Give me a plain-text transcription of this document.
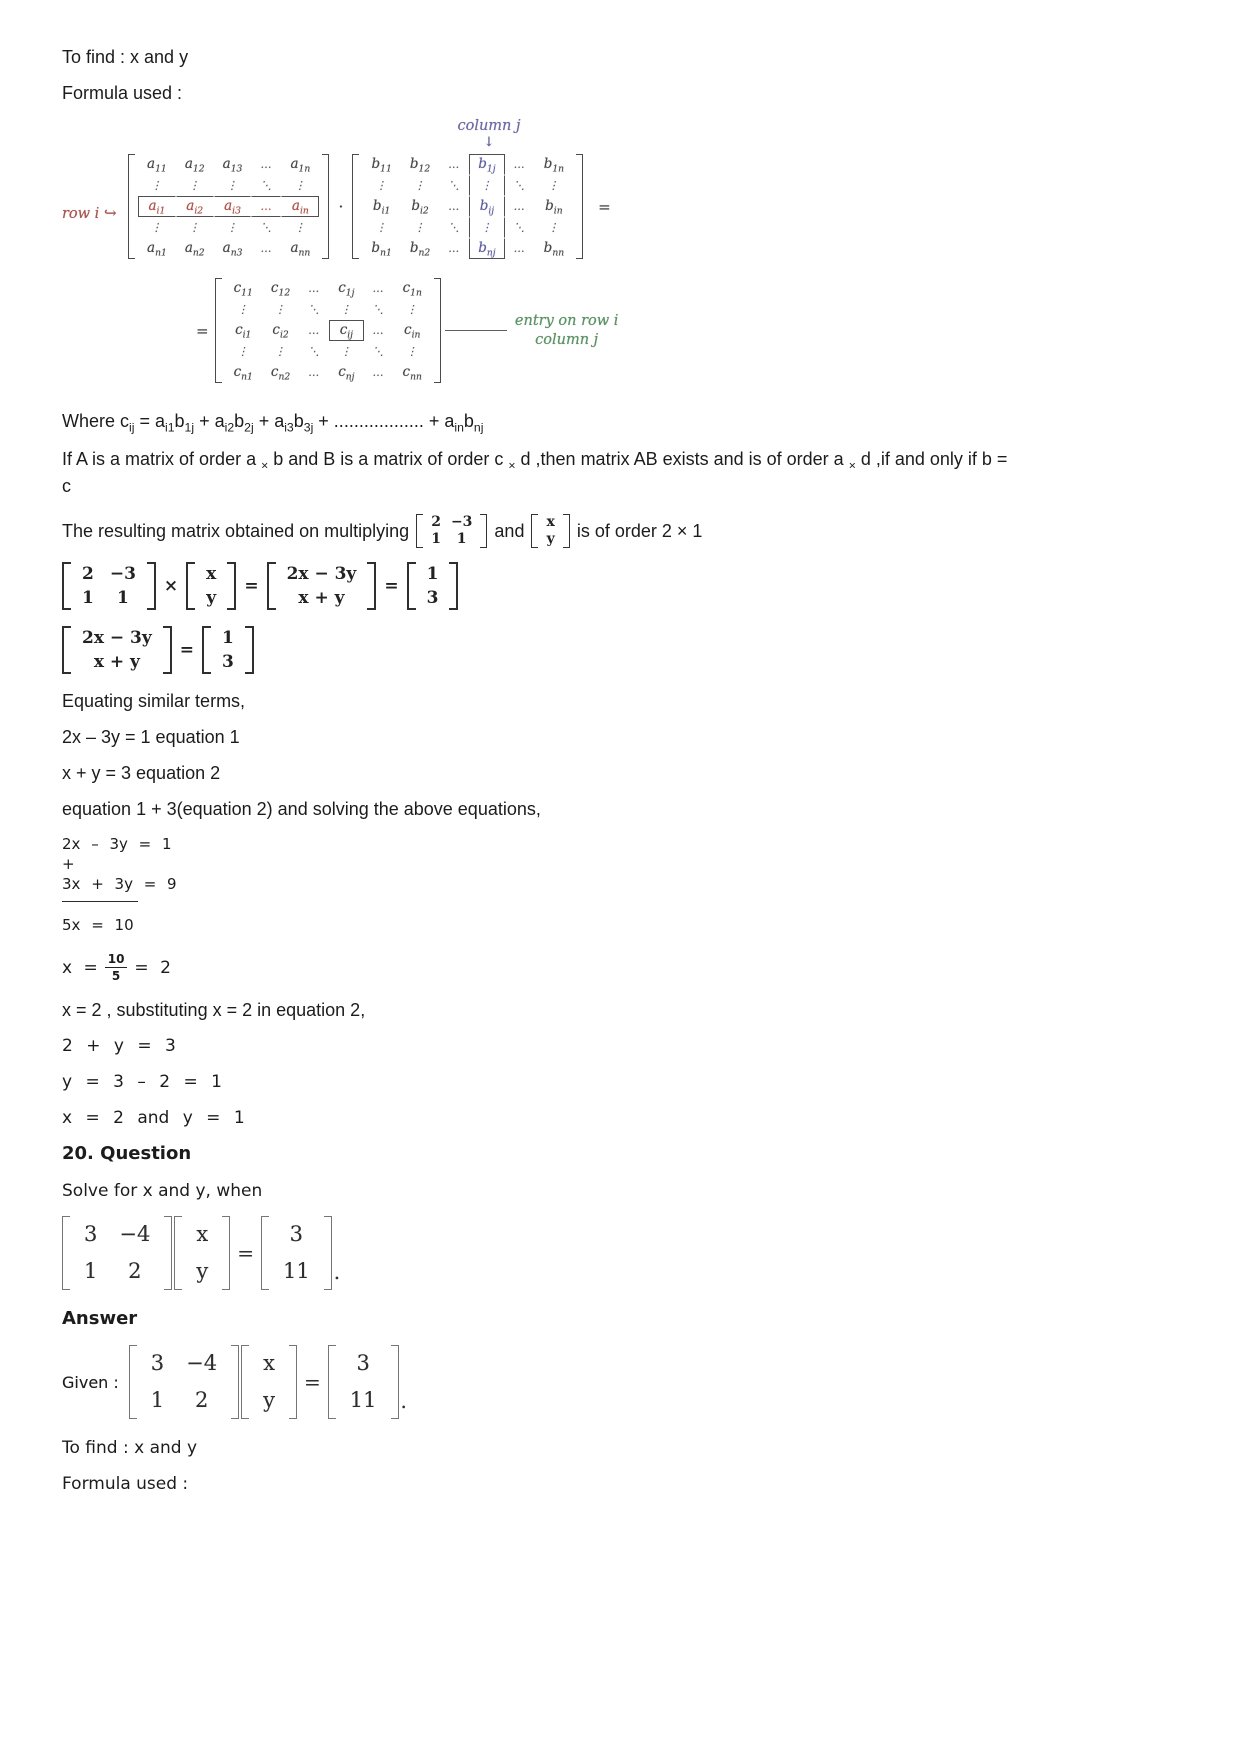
To find : x and y

Formula used :

column j
↓
row i ↪
$a_{11}$	$a_{12}$	$a_{13}$	…	$a_{1n}$
⋮	⋮	⋮	⋱	⋮
$a_{i1}$	$a_{i2}$	$a_{i3}$	…	$a_{in}$
⋮	⋮	⋮	⋱	⋮
$a_{n1}$	$a_{n2}$	$a_{n3}$	…	$a_{nn}$
·
$b_{11}$	$b_{12}$	…	$b_{1j}$	…	$b_{1n}$
⋮	⋮	⋱	⋮	⋱	⋮
$b_{i1}$	$b_{i2}$	…	$b_{ij}$	…	$b_{in}$
⋮	⋮	⋱	⋮	⋱	⋮
$b_{n1}$	$b_{n2}$	…	$b_{nj}$	…	$b_{nn}$
=
=
$c_{11}$	$c_{12}$	…	$c_{1j}$	…	$c_{1n}$
⋮	⋮	⋱	⋮	⋱	⋮
$c_{i1}$	$c_{i2}$	…	$c_{ij}$	…	$c_{in}$
⋮	⋮	⋱	⋮	⋱	⋮
$c_{n1}$	$c_{n2}$	…	$c_{nj}$	…	$c_{nn}$
entry on row i
column j

Where $c_{ij} = a_{i1}b_{1j} + a_{i2}b_{2j} + a_{i3}b_{3j}$ + .................. + $a_{in}b_{nj}$

If A is a matrix of order a $_\times$ b and B is a matrix of order c $_\times$ d ,then matrix AB exists and is of order a $_\times$ d ,if and only if b =
c

The resulting matrix obtained on multiplying	2 −3
1	1	and	x
y is of order 2 × 1
2 −3
1	1
×
x
y
=
2x − 3y
x + y
=
1
3
2x − 3y
x + y
=
1
3

Equating similar terms,

2x – 3y = 1 equation 1

x + y = 3 equation 2

equation 1 + 3(equation 2) and solving the above equations,

2x – 3y = 1
+
3x + 3y = 9

5x = 10

$x = \frac{10}{5} = 2$

x = 2 , substituting x = 2 in equation 2,

2 + y = 3

y = 3 – 2 = 1

x = 2 and y = 1

20. Question

Solve for x and y, when

3	−4
1	2
x
y
=
3
11	.
Answer
Given :
3	−4
1	2
x
y
=
3
11	.

To find : x and y

Formula used :
